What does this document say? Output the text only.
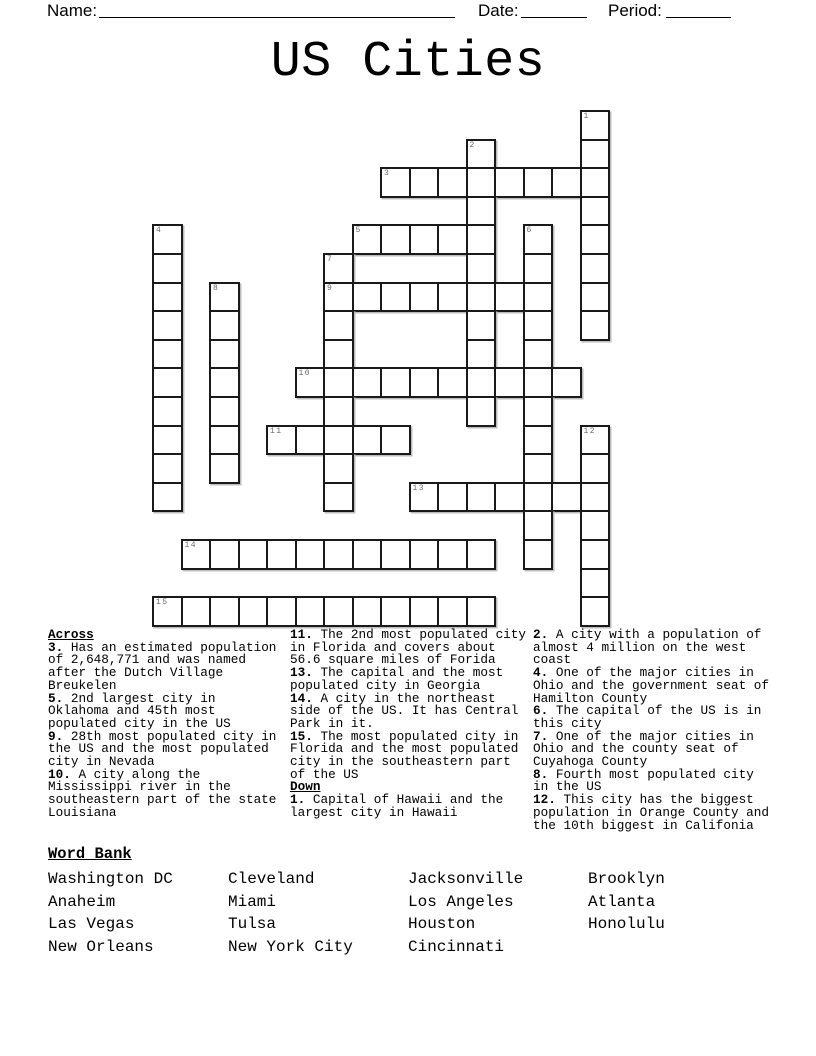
Name:	Date:	Period:
US Cities
1
2
3
4	5	6
7
8	9
10
11	12
13
14
15
Across
3. Has an estimated population of 2,648,771 and was named after the Dutch Village Breukelen
5. 2nd largest city in Oklahoma and 45th most populated city in the US
9. 28th most populated city in the US and the most populated city in Nevada
10. A city along the Mississippi river in the southeastern part of the state Louisiana
11. The 2nd most populated city in Florida and covers about 56.6 square miles of Forida
13. The capital and the most populated city in Georgia
14. A city in the northeast side of the US. It has Central Park in it.
15. The most populated city in Florida and the most populated city in the southeastern part of the US
Down
1. Capital of Hawaii and the largest city in Hawaii
2. A city with a population of almost 4 million on the west coast
4. One of the major cities in Ohio and the government seat of Hamilton County
6. The capital of the US is in this city
7. One of the major cities in Ohio and the county seat of Cuyahoga County
8. Fourth most populated city in the US
12. This city has the biggest population in Orange County and the 10th biggest in Califonia
Word Bank
Washington DC	Cleveland	Jacksonville	Brooklyn
Anaheim	Miami	Los Angeles	Atlanta
Las Vegas	Tulsa	Houston	Honolulu
New Orleans	New York City	Cincinnati
